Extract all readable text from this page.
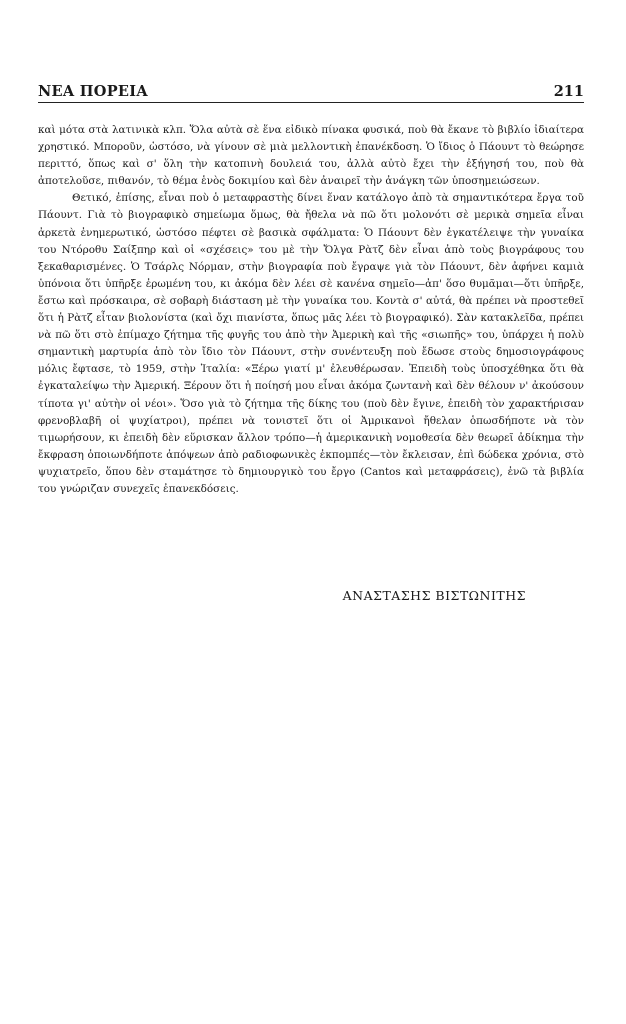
ΝΕΑ ΠΟΡΕΙΑ	211

καὶ μότα στὰ λατινικὰ κλπ. Ὅλα αὐτὰ σὲ ἕνα εἰδικὸ πίνακα φυσικά, ποὺ θὰ ἔκανε τὸ βιβλίο ἰδιαίτερα χρηστικό. Μποροῦν, ὡστόσο, νὰ γίνουν σὲ μιὰ μελλοντικὴ ἐπανέκδοση. Ὁ ἴδιος ὁ Πάουντ τὸ θεώρησε περιττό, ὅπως καὶ σ' ὅλη τὴν κατοπινὴ δουλειά του, ἀλλὰ αὐτὸ ἔχει τὴν ἐξήγησή του, ποὺ θὰ ἀποτελοῦσε, πιθανόν, τὸ θέμα ἑνὸς δοκιμίου καὶ δὲν ἀναιρεῖ τὴν ἀνάγκη τῶν ὑποσημειώσεων.

Θετικό, ἐπίσης, εἶναι ποὺ ὁ μεταφραστὴς δίνει ἕναν κατάλογο ἀπὸ τὰ σημαντικότερα ἔργα τοῦ Πάουντ. Γιὰ τὸ βιογραφικὸ σημείωμα ὅμως, θὰ ἤθελα νὰ πῶ ὅτι μολονότι σὲ μερικὰ σημεῖα εἶναι ἀρκετὰ ἐνημερωτικό, ὡστόσο πέφτει σὲ βασικὰ σφάλματα: Ὁ Πάουντ δὲν ἐγκατέλειψε τὴν γυναίκα του Ντόροθυ Σαίξπηρ καὶ οἱ «σχέσεις» του μὲ τὴν Ὄλγα Ρὰτζ δὲν εἶναι ἀπὸ τοὺς βιογράφους του ξεκαθαρισμένες. Ὁ Τσάρλς Νόρμαν, στὴν βιογραφία ποὺ ἔγραψε γιὰ τὸν Πάουντ, δὲν ἀφήνει καμιὰ ὑπόνοια ὅτι ὑπῆρξε ἐρωμένη του, κι ἀκόμα δὲν λέει σὲ κανένα σημεῖο—ἀπ' ὅσο θυμᾶμαι—ὅτι ὑπῆρξε, ἔστω καὶ πρόσκαιρα, σὲ σοβαρὴ διάσταση μὲ τὴν γυναίκα του. Κοντὰ σ' αὐτά, θὰ πρέπει νὰ προστεθεῖ ὅτι ἡ Ρὰτζ εἶταν βιολονίστα (καὶ ὄχι πιανίστα, ὅπως μᾶς λέει τὸ βιογραφικό). Σὰν κατακλεῖδα, πρέπει νὰ πῶ ὅτι στὸ ἐπίμαχο ζήτημα τῆς φυγῆς του ἀπὸ τὴν Ἀμερικὴ καὶ τῆς «σιωπῆς» του, ὑπάρχει ἡ πολὺ σημαντικὴ μαρτυρία ἀπὸ τὸν ἴδιο τὸν Πάουντ, στὴν συνέντευξη ποὺ ἔδωσε στοὺς δημοσιογράφους μόλις ἔφτασε, τὸ 1959, στὴν Ἰταλία: «Ξέρω γιατί μ' ἐλευθέρωσαν. Ἐπειδὴ τοὺς ὑποσχέθηκα ὅτι θὰ ἐγκαταλείψω τὴν Ἀμερική. Ξέρουν ὅτι ἡ ποίησή μου εἶναι ἀκόμα ζωντανὴ καὶ δὲν θέλουν ν' ἀκούσουν τίποτα γι' αὐτὴν οἱ νέοι». Ὅσο γιὰ τὸ ζήτημα τῆς δίκης του (ποὺ δὲν ἔγινε, ἐπειδὴ τὸν χαρακτήρισαν φρενοβλαβῆ οἱ ψυχίατροι), πρέπει νὰ τονιστεῖ ὅτι οἱ Ἀμρικανοὶ ἤθελαν ὁπωσδήποτε νὰ τὸν τιμωρήσουν, κι ἐπειδὴ δὲν εὕρισκαν ἄλλον τρόπο—ἡ ἀμερικανικὴ νομοθεσία δὲν θεωρεῖ ἀδίκημα τὴν ἔκφραση ὁποιωνδήποτε ἀπόψεων ἀπὸ ραδιοφωνικὲς ἐκπομπές—τὸν ἔκλεισαν, ἐπὶ δώδεκα χρόνια, στὸ ψυχιατρεῖο, ὅπου δὲν σταμάτησε τὸ δημιουργικὸ του ἔργο (Cantos καὶ μεταφράσεις), ἐνῶ τὰ βιβλία του γνώριζαν συνεχεῖς ἐπανεκδόσεις.

ΑΝΑΣΤΑΣΗΣ ΒΙΣΤΩΝΙΤΗΣ
